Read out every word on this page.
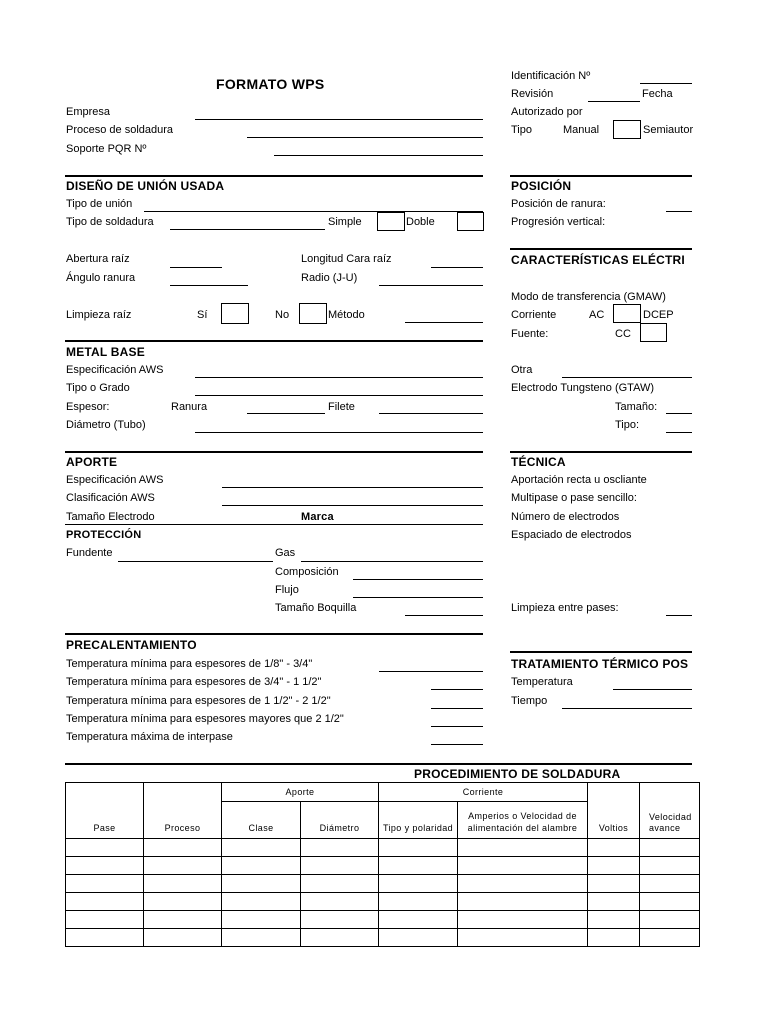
FORMATO WPS
Empresa
Proceso de soldadura
Soporte PQR Nº
Identificación Nº
Revisión	Fecha
Autorizado por
Tipo	Manual	Semiautor
DISEÑO DE UNIÓN USADA
Tipo de unión
Tipo de soldadura	Simple	Doble
Abertura raíz	Longitud Cara raíz
Ángulo ranura	Radio (J-U)
Limpieza raíz	Sí	No	Método
METAL BASE
Especificación AWS
Tipo o Grado
Espesor:	Ranura	Filete
Diámetro (Tubo)
APORTE
Especificación AWS
Clasificación AWS
Tamaño Electrodo	Marca
PROTECCIÓN
Fundente	Gas
Composición
Flujo
Tamaño Boquilla
PRECALENTAMIENTO
Temperatura mínima para espesores de 1/8" - 3/4"
Temperatura mínima para espesores de 3/4" - 1 1/2"
Temperatura mínima para espesores de 1 1/2" - 2 1/2"
Temperatura mínima para espesores mayores que 2 1/2"
Temperatura máxima de interpase
POSICIÓN
Posición de ranura:
Progresión vertical:
CARACTERÍSTICAS ELÉCTRI
Modo de transferencia (GMAW)
Corriente	AC	DCEP
Fuente:	CC
Otra
Electrodo Tungsteno (GTAW)
Tamaño:
Tipo:
TÉCNICA
Aportación recta u oscliante
Multipase o pase sencillo:
Número de electrodos
Espaciado de electrodos
Limpieza entre pases:
TRATAMIENTO TÉRMICO POS
Temperatura
Tiempo
PROCEDIMIENTO DE SOLDADURA
Pase	Proceso	Aporte		Corriente		Voltios	Velocidad avance
		Clase	Diámetro	Tipo y polaridad	Amperios o Velocidad de alimentación del alambre		
